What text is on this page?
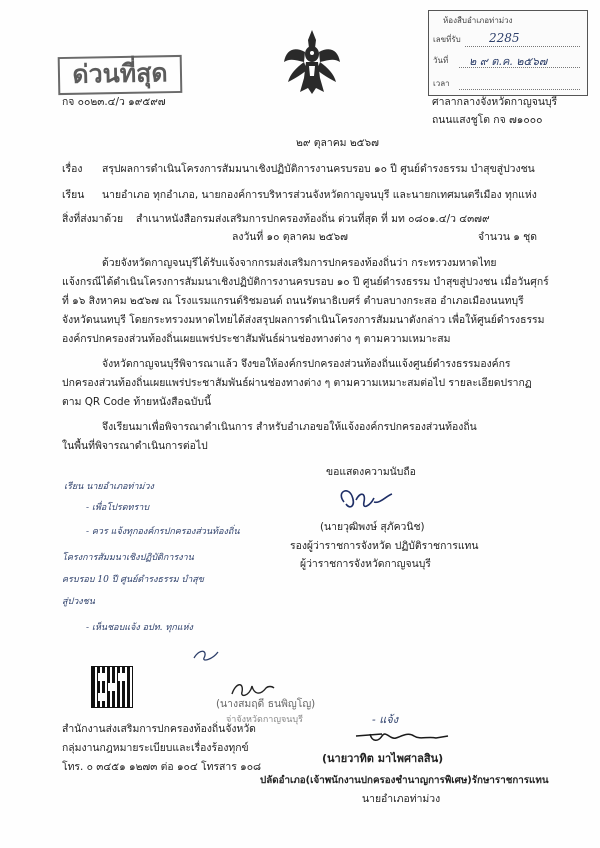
ห้องสืบอำเภอท่าม่วง
เลขที่รับ 2285
วันที่ ๒ ๙ ต.ค. ๒๕๖๗
เวลา
ด่วนที่สุด
กจ ๐๐๒๓.๔/ว ๑๙๕๙๗	ศาลากลางจังหวัดกาญจนบุรี
ถนนแสงชูโต กจ ๗๑๐๐๐
๒๙ ตุลาคม ๒๕๖๗
เรื่อง สรุปผลการดำเนินโครงการสัมมนาเชิงปฏิบัติการงานครบรอบ ๑๐ ปี ศูนย์ดำรงธรรม บำสุขสู่ปวงชน
เรียน นายอำเภอ ทุกอำเภอ, นายกองค์การบริหารส่วนจังหวัดกาญจนบุรี และนายกเทศมนตรีเมือง ทุกแห่ง
สิ่งที่ส่งมาด้วย สำเนาหนังสือกรมส่งเสริมการปกครองท้องถิ่น ด่วนที่สุด ที่ มท ๐๘๐๑.๔/ว ๔๓๗๙
ลงวันที่ ๑๐ ตุลาคม ๒๕๖๗	จำนวน ๑ ชุด
ด้วยจังหวัดกาญจนบุรีได้รับแจ้งจากกรมส่งเสริมการปกครองท้องถิ่นว่า กระทรวงมหาดไทย
แจ้งกรณีได้ดำเนินโครงการสัมมนาเชิงปฏิบัติการงานครบรอบ ๑๐ ปี ศูนย์ดำรงธรรม บำสุขสู่ปวงชน เมื่อวันศุกร์
ที่ ๑๖ สิงหาคม ๒๕๖๗ ณ โรงแรมแกรนด์ริชมอนด์ ถนนรัตนาธิเบศร์ ตำบลบางกระสอ อำเภอเมืองนนทบุรี
จังหวัดนนทบุรี โดยกระทรวงมหาดไทยได้ส่งสรุปผลการดำเนินโครงการสัมมนาดังกล่าว เพื่อให้ศูนย์ดำรงธรรม
องค์กรปกครองส่วนท้องถิ่นเผยแพร่ประชาสัมพันธ์ผ่านช่องทางต่าง ๆ ตามความเหมาะสม
จังหวัดกาญจนบุรีพิจารณาแล้ว จึงขอให้องค์กรปกครองส่วนท้องถิ่นแจ้งศูนย์ดำรงธรรมองค์กร
ปกครองส่วนท้องถิ่นเผยแพร่ประชาสัมพันธ์ผ่านช่องทางต่าง ๆ ตามความเหมาะสมต่อไป รายละเอียดปรากฏ
ตาม QR Code ท้ายหนังสือฉบับนี้
จึงเรียนมาเพื่อพิจารณาดำเนินการ สำหรับอำเภอขอให้แจ้งองค์กรปกครองส่วนท้องถิ่น
ในพื้นที่พิจารณาดำเนินการต่อไป
ขอแสดงความนับถือ
(นายวุฒิพงษ์ สุภัควนิช)
รองผู้ว่าราชการจังหวัด ปฏิบัติราชการแทน
ผู้ว่าราชการจังหวัดกาญจนบุรี
เรียน นายอำเภอท่าม่วง
- เพื่อโปรดทราบ
- ควร แจ้งทุกองค์กรปกครองส่วนท้องถิ่น
โครงการสัมมนาเชิงปฏิบัติการงาน
ครบรอบ 10 ปี ศูนย์ดำรงธรรม บำสุข
สู่ปวงชน
- เห็นชอบแจ้ง อปท. ทุกแห่ง
(นางสมฤดี ธนพิญโญ)
จ่าจังหวัดกาญจนบุรี
สำนักงานส่งเสริมการปกครองท้องถิ่นจังหวัด
กลุ่มงานกฎหมายระเบียบและเรื่องร้องทุกข์
โทร. ๐ ๓๔๕๑ ๑๒๗๓ ต่อ ๑๐๔ โทรสาร ๑๐๘
- แจ้ง
(นายวาทิต มาไพศาลสิน)
ปลัดอำเภอ(เจ้าพนักงานปกครองชำนาญการพิเศษ)รักษาราชการแทน
นายอำเภอท่าม่วง
